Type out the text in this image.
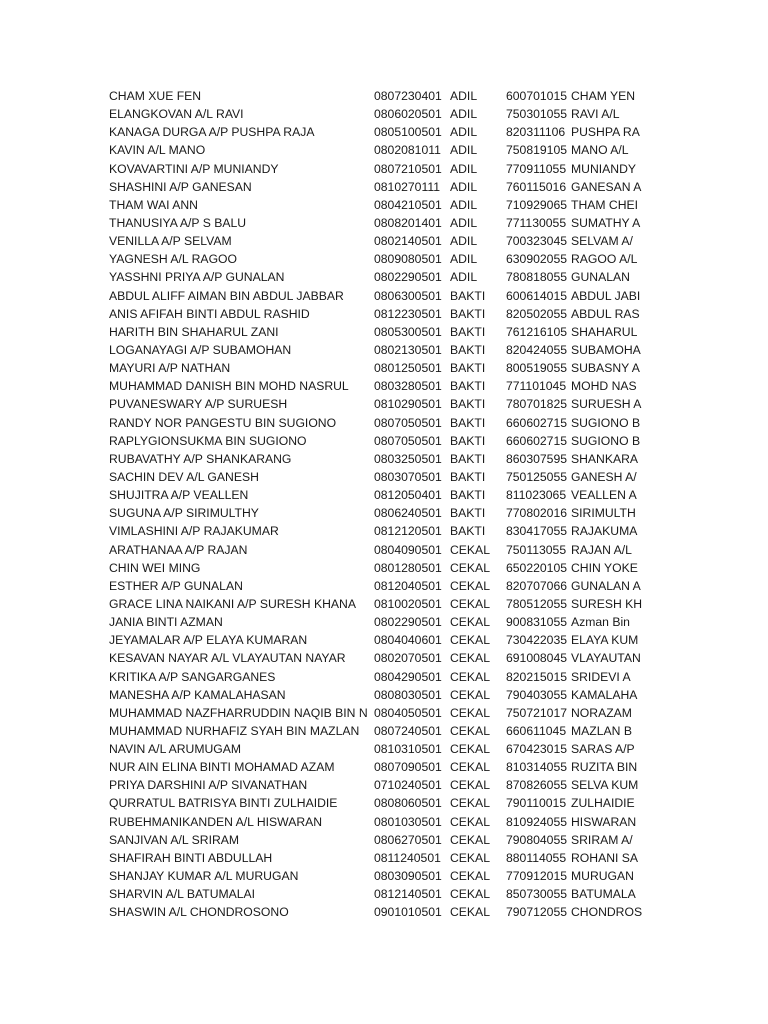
CHAM XUE FEN	0807230401 ADIL	600701015 CHAM YEN
ELANGKOVAN A/L RAVI	0806020501 ADIL	750301055 RAVI A/L
KANAGA DURGA A/P PUSHPA RAJA	0805100501 ADIL	820311106 PUSHPA RA
KAVIN A/L MANO	0802081011 ADIL	750819105 MANO A/L
KOVAVARTINI A/P MUNIANDY	0807210501 ADIL	770911055 MUNIANDY
SHASHINI A/P GANESAN	0810270111 ADIL	760115016 GANESAN A
THAM WAI ANN	0804210501 ADIL	710929065 THAM CHEI
THANUSIYA A/P S BALU	0808201401 ADIL	771130055 SUMATHY A
VENILLA A/P SELVAM	0802140501 ADIL	700323045 SELVAM A/
YAGNESH A/L RAGOO	0809080501 ADIL	630902055 RAGOO A/L
YASSHNI PRIYA A/P GUNALAN	0802290501 ADIL	780818055 GUNALAN
ABDUL ALIFF AIMAN BIN ABDUL JABBAR	0806300501 BAKTI	600614015 ABDUL JABI
ANIS AFIFAH BINTI ABDUL RASHID	0812230501 BAKTI	820502055 ABDUL RAS
HARITH BIN SHAHARUL ZANI	0805300501 BAKTI	761216105 SHAHARUL
LOGANAYAGI A/P SUBAMOHAN	0802130501 BAKTI	820424055 SUBAMOHA
MAYURI A/P NATHAN	0801250501 BAKTI	800519055 SUBASNY A
MUHAMMAD DANISH BIN MOHD NASRUL	0803280501 BAKTI	771101045 MOHD NAS
PUVANESWARY A/P SURUESH	0810290501 BAKTI	780701825 SURUESH A
RANDY NOR PANGESTU BIN SUGIONO	0807050501 BAKTI	660602715 SUGIONO B
RAPLYGIONSUKMA BIN SUGIONO	0807050501 BAKTI	660602715 SUGIONO B
RUBAVATHY A/P SHANKARANG	0803250501 BAKTI	860307595 SHANKARA
SACHIN DEV A/L GANESH	0803070501 BAKTI	750125055 GANESH A/
SHUJITRA A/P VEALLEN	0812050401 BAKTI	811023065 VEALLEN A
SUGUNA A/P SIRIMULTHY	0806240501 BAKTI	770802016 SIRIMULTH
VIMLASHINI A/P RAJAKUMAR	0812120501 BAKTI	830417055 RAJAKUMA
ARATHANAA A/P RAJAN	0804090501 CEKAL	750113055 RAJAN A/L
CHIN WEI MING	0801280501 CEKAL	650220105 CHIN YOKE
ESTHER A/P GUNALAN	0812040501 CEKAL	820707066 GUNALAN A
GRACE LINA NAIKANI A/P SURESH KHANA	0810020501 CEKAL	780512055 SURESH KH
JANIA BINTI AZMAN	0802290501 CEKAL	900831055 Azman Bin
JEYAMALAR A/P ELAYA KUMARAN	0804040601 CEKAL	730422035 ELAYA KUM
KESAVAN NAYAR A/L VLAYAUTAN NAYAR	0802070501 CEKAL	691008045 VLAYAUTAN
KRITIKA A/P SANGARGANES	0804290501 CEKAL	820215015 SRIDEVI A
MANESHA A/P KAMALAHASAN	0808030501 CEKAL	790403055 KAMALAHA
MUHAMMAD NAZFHARRUDDIN NAQIB BIN N 0804050501 CEKAL	750721017 NORAZAM
MUHAMMAD NURHAFIZ SYAH BIN MAZLAN	0807240501 CEKAL	660611045 MAZLAN B
NAVIN A/L ARUMUGAM	0810310501 CEKAL	670423015 SARAS A/P
NUR AIN ELINA BINTI MOHAMAD AZAM	0807090501 CEKAL	810314055 RUZITA BIN
PRIYA DARSHINI A/P SIVANATHAN	0710240501 CEKAL	870826055 SELVA KUM
QURRATUL BATRISYA BINTI ZULHAIDIE	0808060501 CEKAL	790110015 ZULHAIDIE
RUBEHMANIKANDEN A/L HISWARAN	0801030501 CEKAL	810924055 HISWARAN
SANJIVAN A/L SRIRAM	0806270501 CEKAL	790804055 SRIRAM A/
SHAFIRAH BINTI ABDULLAH	0811240501 CEKAL	880114055 ROHANI SA
SHANJAY KUMAR A/L MURUGAN	0803090501 CEKAL	770912015 MURUGAN
SHARVIN A/L BATUMALAI	0812140501 CEKAL	850730055 BATUMALA
SHASWIN A/L CHONDROSONO	0901010501 CEKAL	790712055 CHONDROS
